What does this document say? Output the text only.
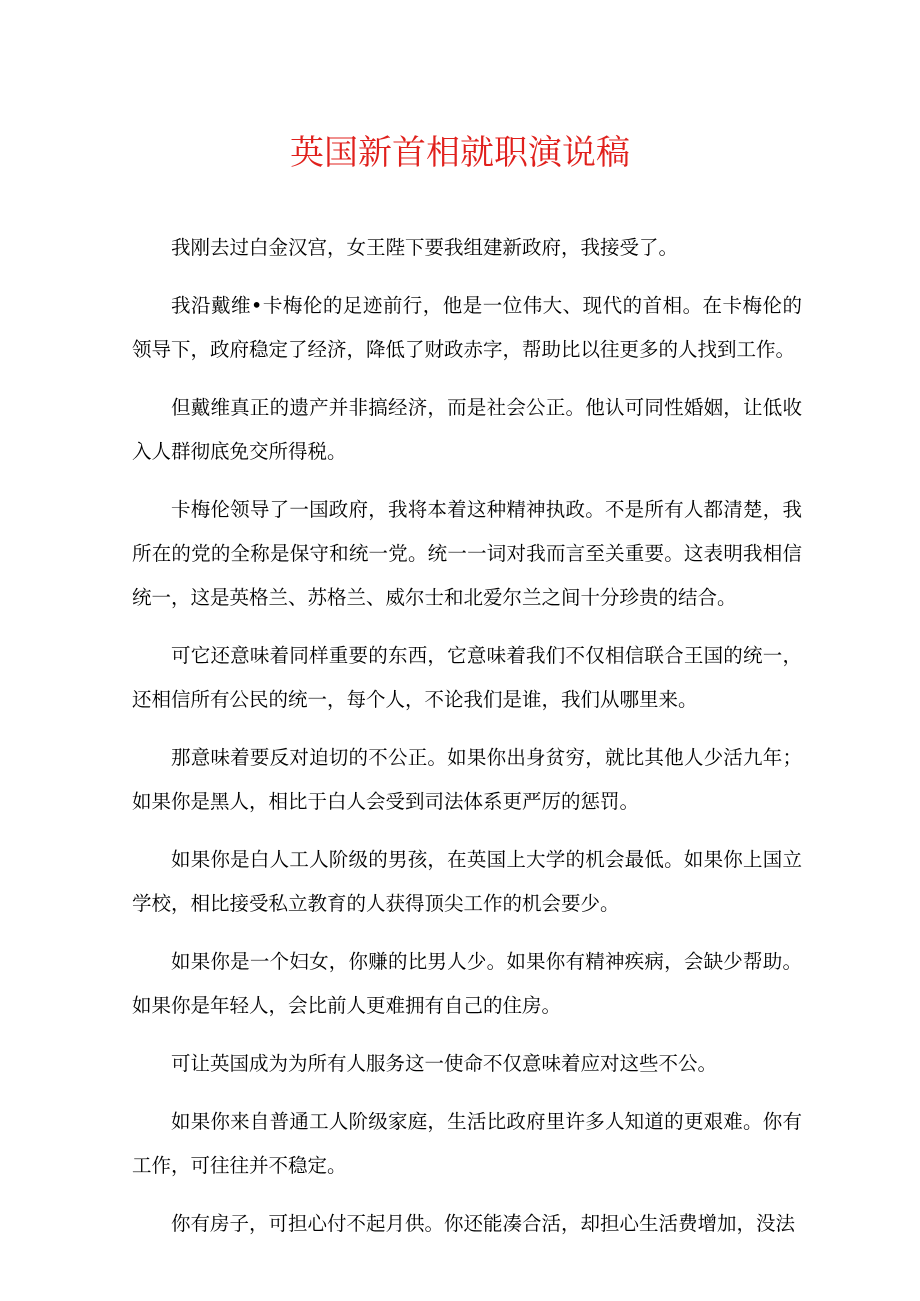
英国新首相就职演说稿

我刚去过白金汉宫，女王陛下要我组建新政府，我接受了。

我沿戴维•卡梅伦的足迹前行，他是一位伟大、现代的首相。在卡梅伦的领导下，政府稳定了经济，降低了财政赤字，帮助比以往更多的人找到工作。

但戴维真正的遗产并非搞经济，而是社会公正。他认可同性婚姻，让低收入人群彻底免交所得税。

卡梅伦领导了一国政府，我将本着这种精神执政。不是所有人都清楚，我所在的党的全称是保守和统一党。统一一词对我而言至关重要。这表明我相信统一，这是英格兰、苏格兰、威尔士和北爱尔兰之间十分珍贵的结合。

可它还意味着同样重要的东西，它意味着我们不仅相信联合王国的统一，还相信所有公民的统一，每个人，不论我们是谁，我们从哪里来。

那意味着要反对迫切的不公正。如果你出身贫穷，就比其他人少活九年；如果你是黑人，相比于白人会受到司法体系更严厉的惩罚。

如果你是白人工人阶级的男孩，在英国上大学的机会最低。如果你上国立学校，相比接受私立教育的人获得顶尖工作的机会要少。

如果你是一个妇女，你赚的比男人少。如果你有精神疾病，会缺少帮助。如果你是年轻人，会比前人更难拥有自己的住房。

可让英国成为为所有人服务这一使命不仅意味着应对这些不公。

如果你来自普通工人阶级家庭，生活比政府里许多人知道的更艰难。你有工作，可往往并不稳定。

你有房子，可担心付不起月供。你还能凑合活，却担心生活费增加，没法
